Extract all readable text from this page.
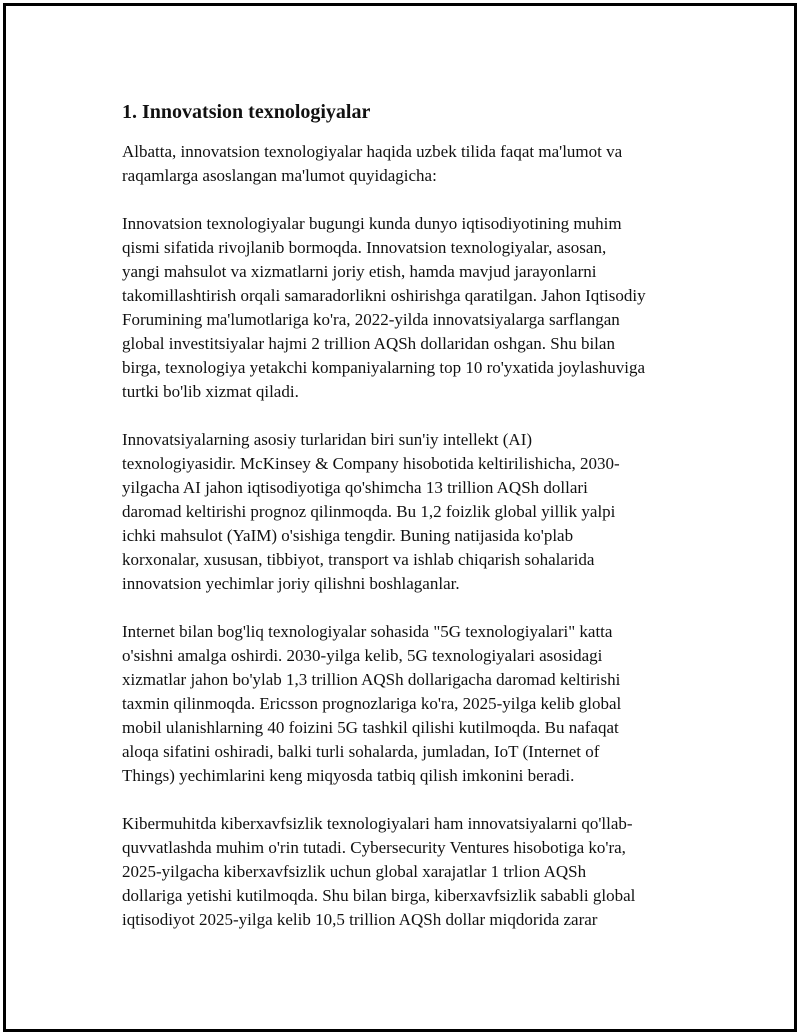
1. Innovatsion texnologiyalar

Albatta, innovatsion texnologiyalar haqida uzbek tilida faqat ma'lumot va
raqamlarga asoslangan ma'lumot quyidagicha:

Innovatsion texnologiyalar bugungi kunda dunyo iqtisodiyotining muhim
qismi sifatida rivojlanib bormoqda. Innovatsion texnologiyalar, asosan,
yangi mahsulot va xizmatlarni joriy etish, hamda mavjud jarayonlarni
takomillashtirish orqali samaradorlikni oshirishga qaratilgan. Jahon Iqtisodiy
Forumining ma'lumotlariga ko'ra, 2022-yilda innovatsiyalarga sarflangan
global investitsiyalar hajmi 2 trillion AQSh dollaridan oshgan. Shu bilan
birga, texnologiya yetakchi kompaniyalarning top 10 ro'yxatida joylashuviga
turtki bo'lib xizmat qiladi.

Innovatsiyalarning asosiy turlaridan biri sun'iy intellekt (AI)
texnologiyasidir. McKinsey & Company hisobotida keltirilishicha, 2030-
yilgacha AI jahon iqtisodiyotiga qo'shimcha 13 trillion AQSh dollari
daromad keltirishi prognoz qilinmoqda. Bu 1,2 foizlik global yillik yalpi
ichki mahsulot (YaIM) o'sishiga tengdir. Buning natijasida ko'plab
korxonalar, xususan, tibbiyot, transport va ishlab chiqarish sohalarida
innovatsion yechimlar joriy qilishni boshlaganlar.

Internet bilan bog'liq texnologiyalar sohasida "5G texnologiyalari" katta
o'sishni amalga oshirdi. 2030-yilga kelib, 5G texnologiyalari asosidagi
xizmatlar jahon bo'ylab 1,3 trillion AQSh dollarigacha daromad keltirishi
taxmin qilinmoqda. Ericsson prognozlariga ko'ra, 2025-yilga kelib global
mobil ulanishlarning 40 foizini 5G tashkil qilishi kutilmoqda. Bu nafaqat
aloqa sifatini oshiradi, balki turli sohalarda, jumladan, IoT (Internet of
Things) yechimlarini keng miqyosda tatbiq qilish imkonini beradi.

Kibermuhitda kiberxavfsizlik texnologiyalari ham innovatsiyalarni qo'llab-
quvvatlashda muhim o'rin tutadi. Cybersecurity Ventures hisobotiga ko'ra,
2025-yilgacha kiberxavfsizlik uchun global xarajatlar 1 trlion AQSh
dollariga yetishi kutilmoqda. Shu bilan birga, kiberxavfsizlik sababli global
iqtisodiyot 2025-yilga kelib 10,5 trillion AQSh dollar miqdorida zarar
